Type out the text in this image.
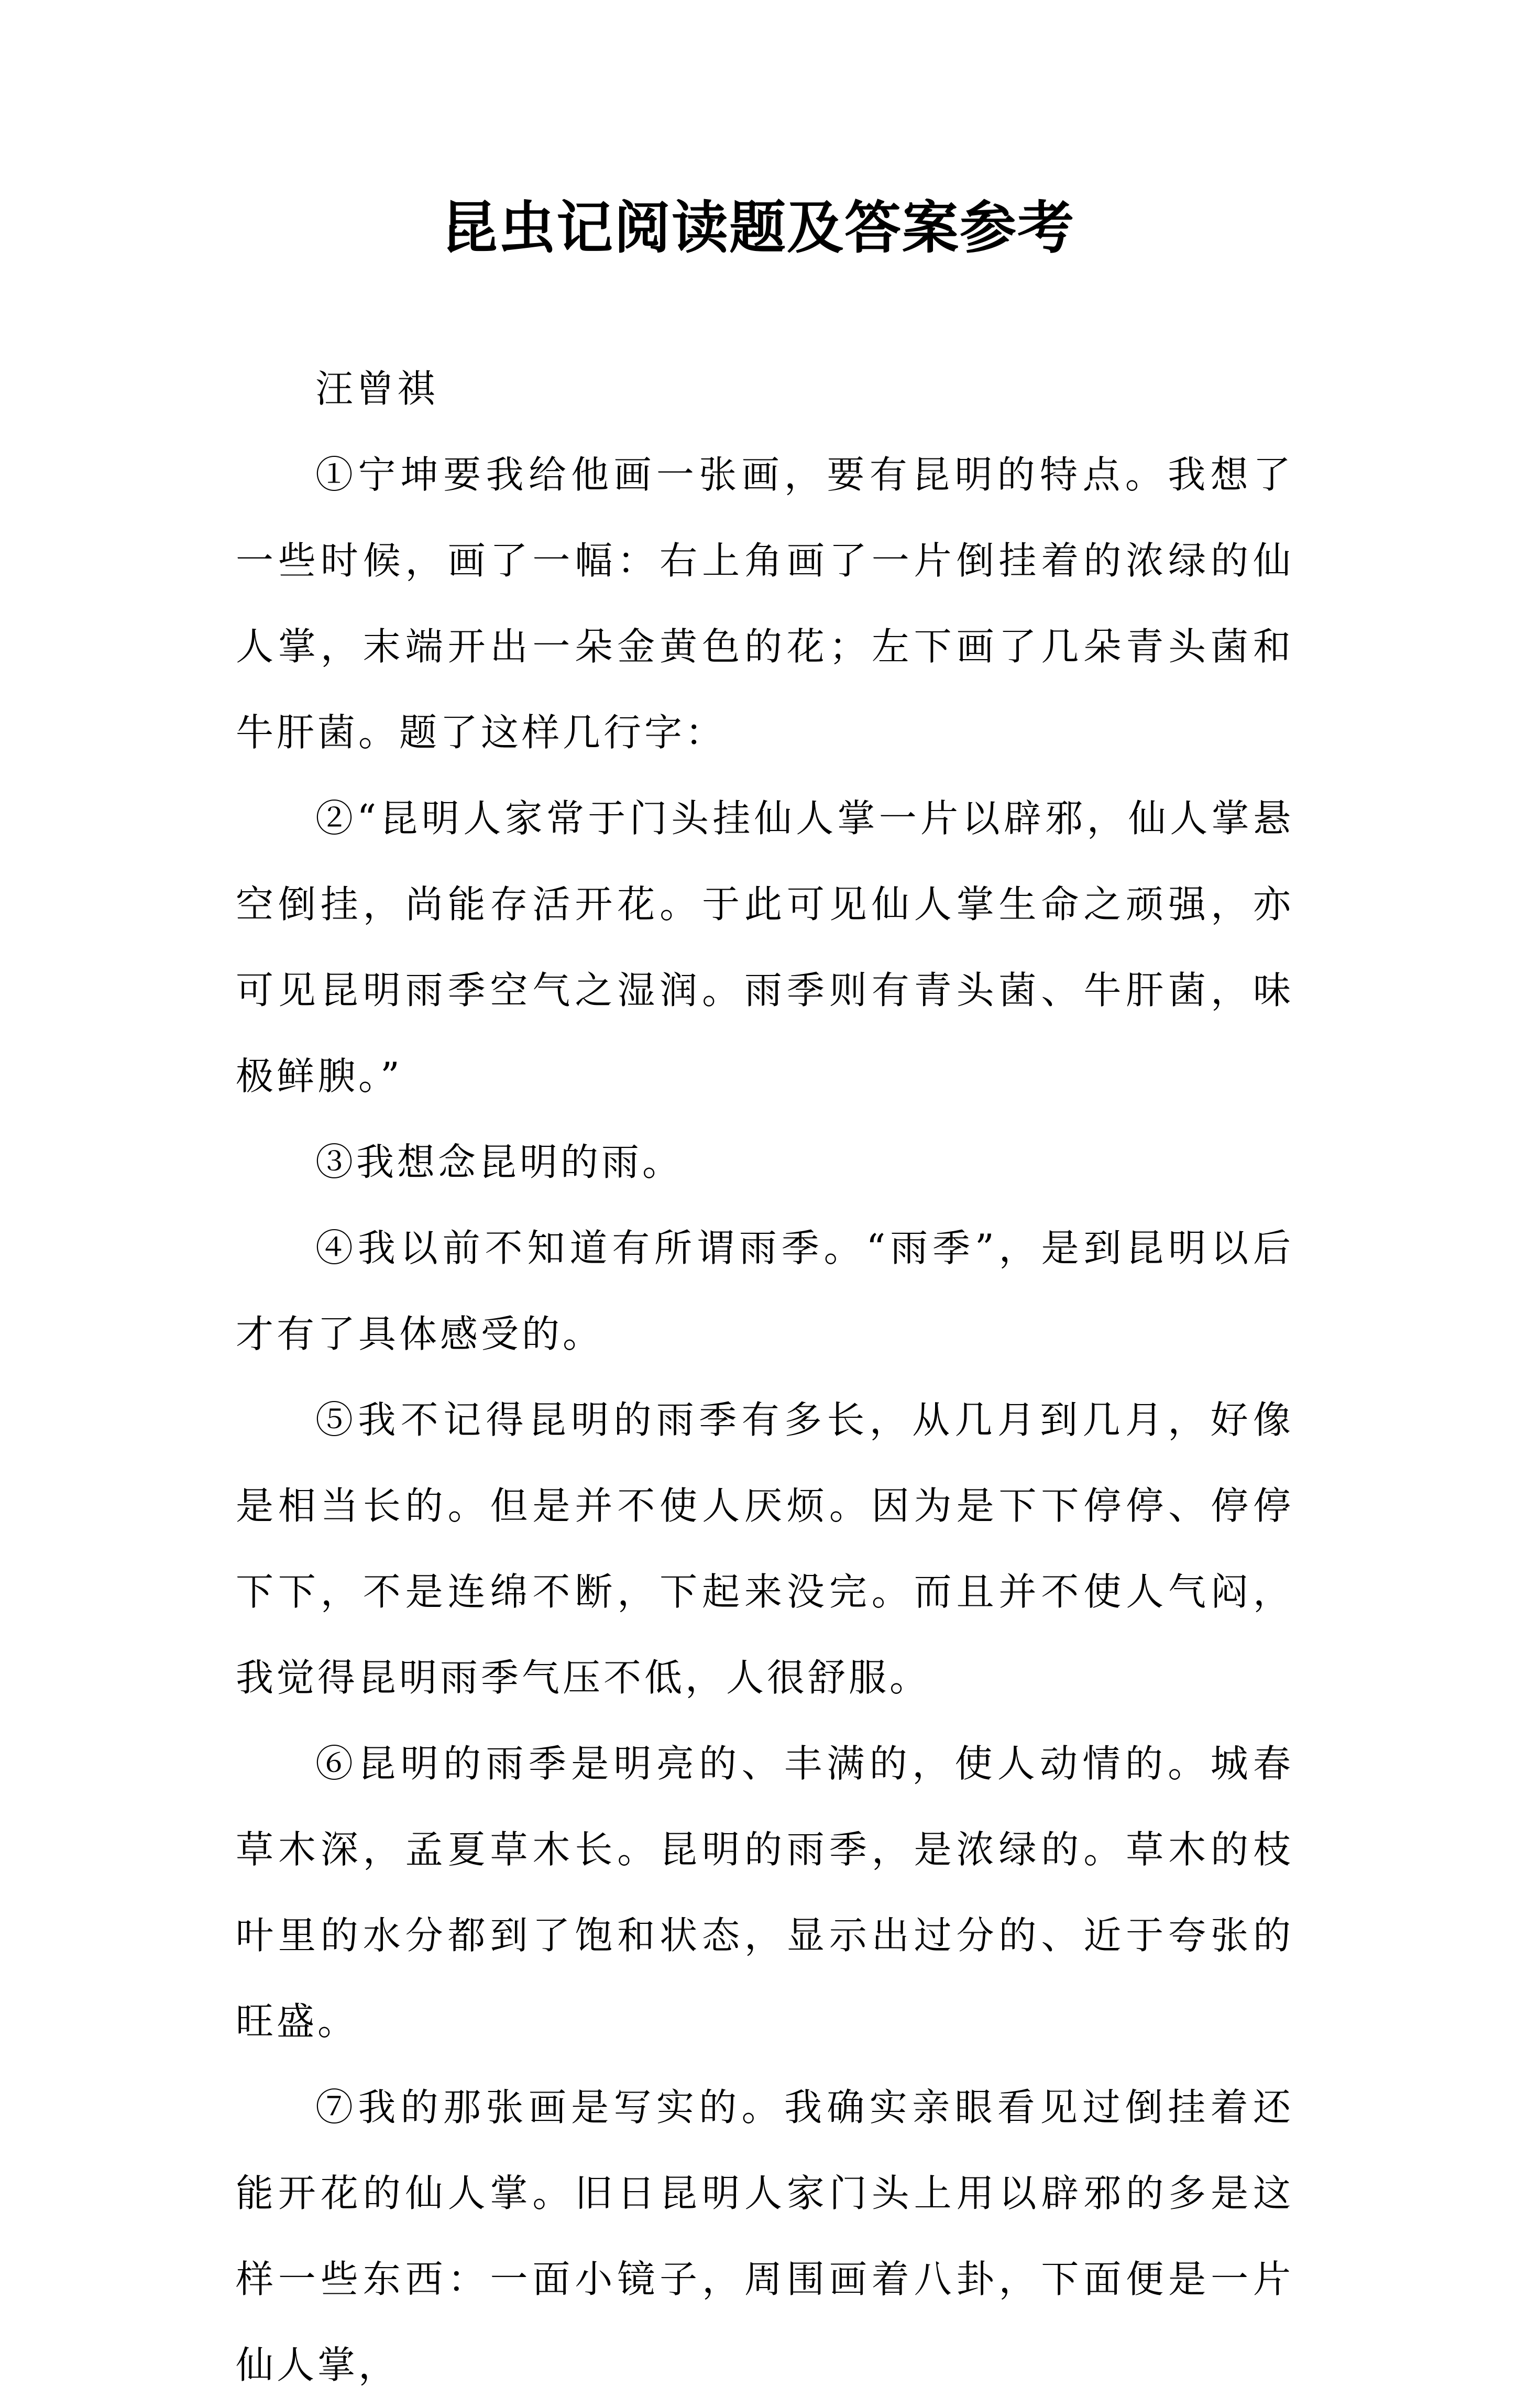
昆虫记阅读题及答案参考

汪曾祺

①宁坤要我给他画一张画，要有昆明的特点。我想了一些时候，画了一幅：右上角画了一片倒挂着的浓绿的仙人掌，末端开出一朵金黄色的花；左下画了几朵青头菌和牛肝菌。题了这样几行字：

②“昆明人家常于门头挂仙人掌一片以辟邪，仙人掌悬空倒挂，尚能存活开花。于此可见仙人掌生命之顽强，亦可见昆明雨季空气之湿润。雨季则有青头菌、牛肝菌，味极鲜腴。”

③我想念昆明的雨。

④我以前不知道有所谓雨季。“雨季”，是到昆明以后才有了具体感受的。

⑤我不记得昆明的雨季有多长，从几月到几月，好像是相当长的。但是并不使人厌烦。因为是下下停停、停停下下，不是连绵不断，下起来没完。而且并不使人气闷，我觉得昆明雨季气压不低，人很舒服。

⑥昆明的雨季是明亮的、丰满的，使人动情的。城春草木深，孟夏草木长。昆明的雨季，是浓绿的。草木的枝叶里的水分都到了饱和状态，显示出过分的、近于夸张的旺盛。

⑦我的那张画是写实的。我确实亲眼看见过倒挂着还能开花的仙人掌。旧日昆明人家门头上用以辟邪的多是这样一些东西：一面小镜子，周围画着八卦，下面便是一片仙人掌，
